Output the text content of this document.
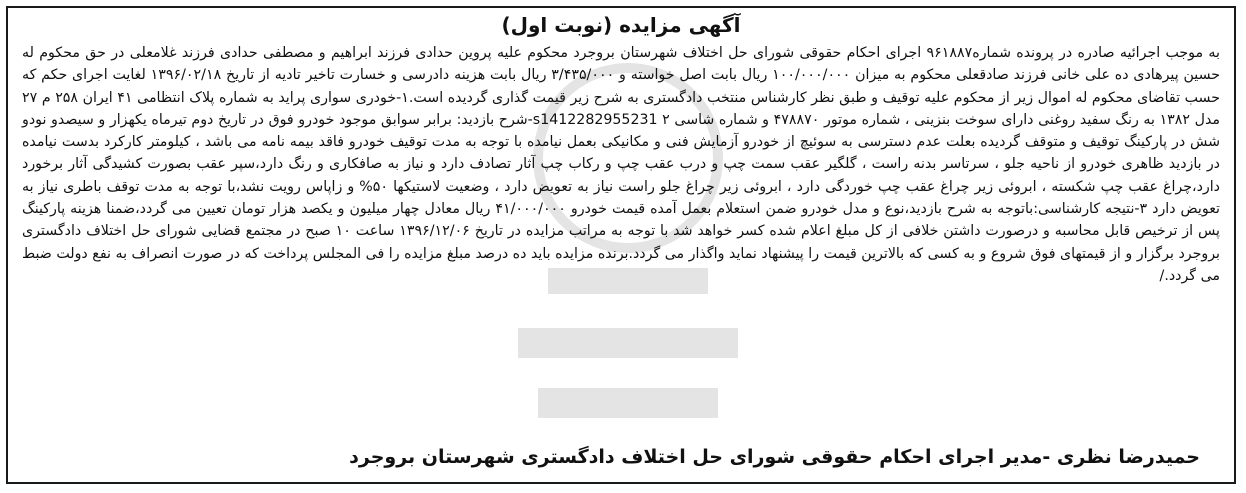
آگهی مزایده (نوبت اول)
به موجب اجرائیه صادره در پرونده شماره۹۶۱۸۸۷ اجرای احکام حقوقی شورای حل اختلاف شهرستان بروجرد محکوم علیه پروین حدادی فرزند ابراهیم و مصطفی حدادی فرزند غلامعلی در حق محکوم له حسین پیرهادی ده علی خانی فرزند صادقعلی محکوم به میزان ۱۰۰/۰۰۰/۰۰۰ ریال بابت اصل خواسته و ۳/۴۳۵/۰۰۰ ریال بابت هزینه دادرسی و خسارت تاخیر تادیه از تاریخ ۱۳۹۶/۰۲/۱۸ لغایت اجرای حکم که حسب تقاضای محکوم له اموال زیر از محکوم علیه توقیف و طبق نظر کارشناس منتخب دادگستری به شرح زیر قیمت گذاری گردیده است.۱-خودری سواری پراید به شماره پلاک انتظامی ۴۱ ایران ۲۵۸ م ۲۷ مدل ۱۳۸۲ به رنگ سفید روغنی دارای سوخت بنزینی ، شماره موتور ۴۷۸۸۷۰ و شماره شاسی s1412282955231 ۲-شرح بازدید: برابر سوابق موجود خودرو فوق در تاریخ دوم تیرماه یکهزار و سیصدو نودو شش در پارکینگ توقیف و متوقف گردیده بعلت عدم دسترسی به سوئیچ از خودرو آزمایش فنی و مکانیکی بعمل نیامده با توجه به مدت توقیف خودرو فاقد بیمه نامه می باشد ، کیلومتر کارکرد بدست نیامده در بازدید ظاهری خودرو از ناحیه جلو ، سرتاسر بدنه راست ، گلگیر عقب سمت چپ و درب عقب چپ و رکاب چپ آثار تصادف دارد و نیاز به صافکاری و رنگ دارد،سپر عقب بصورت کشیدگی آثار برخورد دارد،چراغ عقب چپ شکسته ، ابروئی زیر چراغ عقب چپ خوردگی دارد ، ابروئی زیر چراغ جلو راست نیاز به تعویض دارد ، وضعیت لاستیکها ۵۰% و زاپاس رویت نشد،با توجه به مدت توقف باطری نیاز به تعویض دارد ۳-نتیجه کارشناسی:باتوجه به شرح بازدید،نوع و مدل خودرو ضمن استعلام بعمل آمده قیمت خودرو ۴۱/۰۰۰/۰۰۰ ریال معادل چهار میلیون و یکصد هزار تومان تعیین می گردد،ضمنا هزینه پارکینگ پس از ترخیص قابل محاسبه و درصورت داشتن خلافی از کل مبلغ اعلام شده کسر خواهد شد با توجه به مراتب مزایده در تاریخ ۱۳۹۶/۱۲/۰۶ ساعت ۱۰ صبح در مجتمع قضایی شورای حل اختلاف دادگستری بروجرد برگزار و از قیمتهای فوق شروع و به کسی که بالاترین قیمت را پیشنهاد نماید واگذار می گردد.برنده مزایده باید ده درصد مبلغ مزایده را فی المجلس پرداخت که در صورت انصراف به نفع دولت ضبط می گردد./
حمیدرضا نظری -مدیر اجرای احکام حقوقی شورای حل اختلاف دادگستری شهرستان بروجرد
